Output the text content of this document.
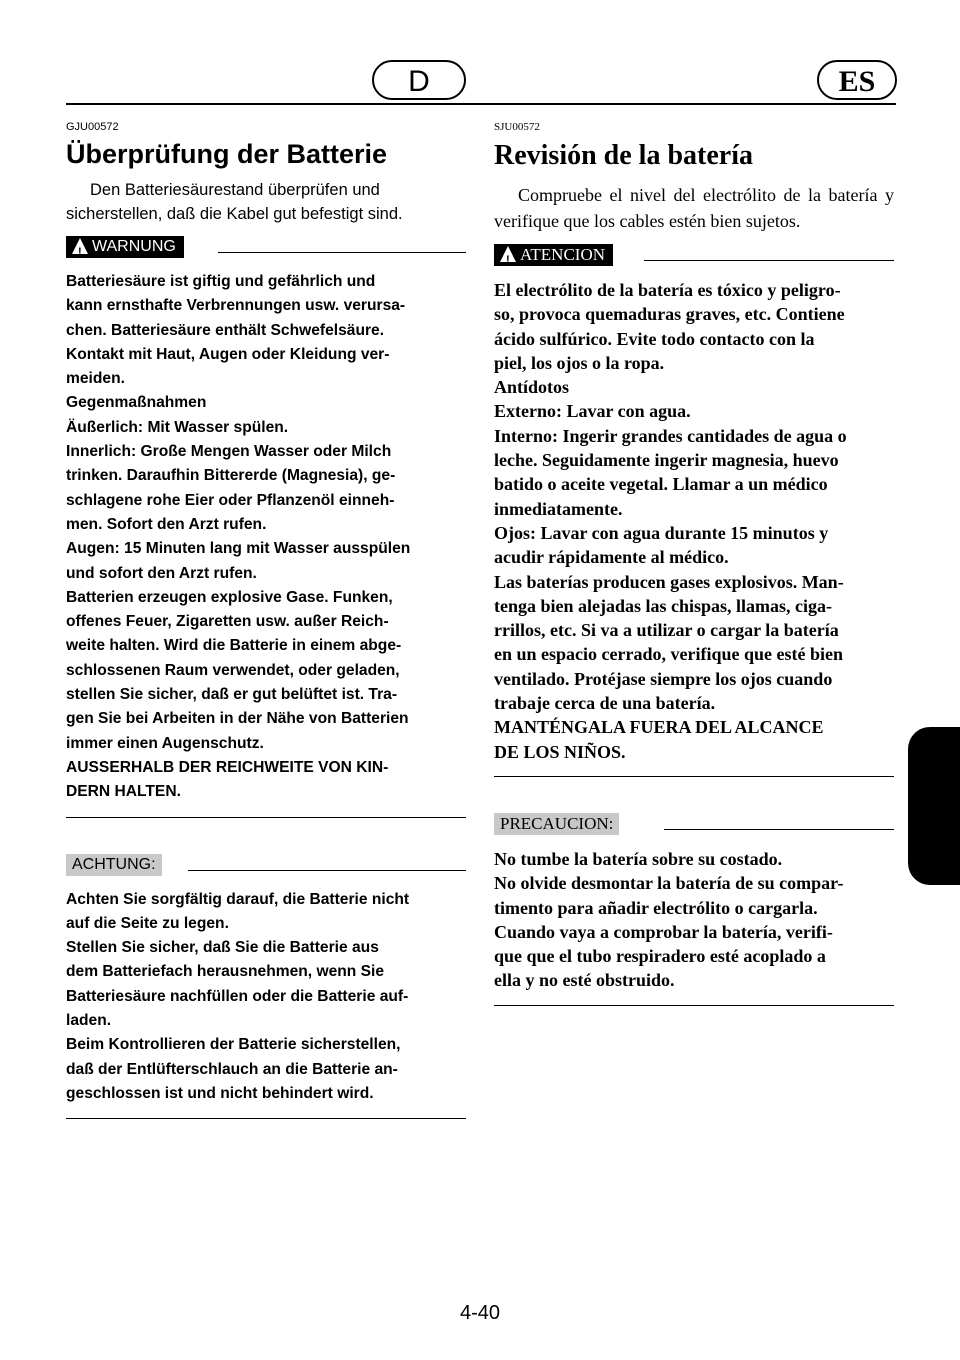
D	ES

GJU00572

Überprüfung der Batterie

Den Batteriesäurestand überprüfen und sicherstellen, daß die Kabel gut befestigt sind.

!
WARNUNG

Batteriesäure ist giftig und gefährlich und

kann ernsthafte Verbrennungen usw. verursa-

chen. Batteriesäure enthält Schwefelsäure.

Kontakt mit Haut, Augen oder Kleidung ver-

meiden.

Gegenmaßnahmen

Äußerlich: Mit Wasser spülen.

Innerlich: Große Mengen Wasser oder Milch

trinken. Daraufhin Bittererde (Magnesia), ge-

schlagene rohe Eier oder Pflanzenöl einneh-

men. Sofort den Arzt rufen.

Augen: 15 Minuten lang mit Wasser ausspülen

und sofort den Arzt rufen.

Batterien erzeugen explosive Gase. Funken,

offenes Feuer, Zigaretten usw. außer Reich-

weite halten. Wird die Batterie in einem abge-

schlossenen Raum verwendet, oder geladen,

stellen Sie sicher, daß er gut belüftet ist. Tra-

gen Sie bei Arbeiten in der Nähe von Batterien

immer einen Augenschutz.

AUSSERHALB DER REICHWEITE VON KIN-

DERN HALTEN.

ACHTUNG:

Achten Sie sorgfältig darauf, die Batterie nicht

auf die Seite zu legen.

Stellen Sie sicher, daß Sie die Batterie aus

dem Batteriefach herausnehmen, wenn Sie

Batteriesäure nachfüllen oder die Batterie auf-

laden.

Beim Kontrollieren der Batterie sicherstellen,

daß der Entlüfterschlauch an die Batterie an-

geschlossen ist und nicht behindert wird.

SJU00572

Revisión de la batería

Compruebe el nivel del electrólito de la batería y verifique que los cables estén bien sujetos.

!
ATENCION

El electrólito de la batería es tóxico y peligro-

so, provoca quemaduras graves, etc. Contiene

ácido sulfúrico. Evite todo contacto con la

piel, los ojos o la ropa.

Antídotos

Externo: Lavar con agua.

Interno: Ingerir grandes cantidades de agua o

leche. Seguidamente ingerir magnesia, huevo

batido o aceite vegetal. Llamar a un médico

inmediatamente.

Ojos: Lavar con agua durante 15 minutos y

acudir rápidamente al médico.

Las baterías producen gases explosivos. Man-

tenga bien alejadas las chispas, llamas, ciga-

rrillos, etc. Si va a utilizar o cargar la batería

en un espacio cerrado, verifique que esté bien

ventilado. Protéjase siempre los ojos cuando

trabaje cerca de una batería.

MANTÉNGALA FUERA DEL ALCANCE

DE LOS NIÑOS.

PRECAUCION:

No tumbe la batería sobre su costado.

No olvide desmontar la batería de su compar-

timento para añadir electrólito o cargarla.

Cuando vaya a comprobar la batería, verifi-

que que el tubo respiradero esté acoplado a

ella y no esté obstruido.

4-40
